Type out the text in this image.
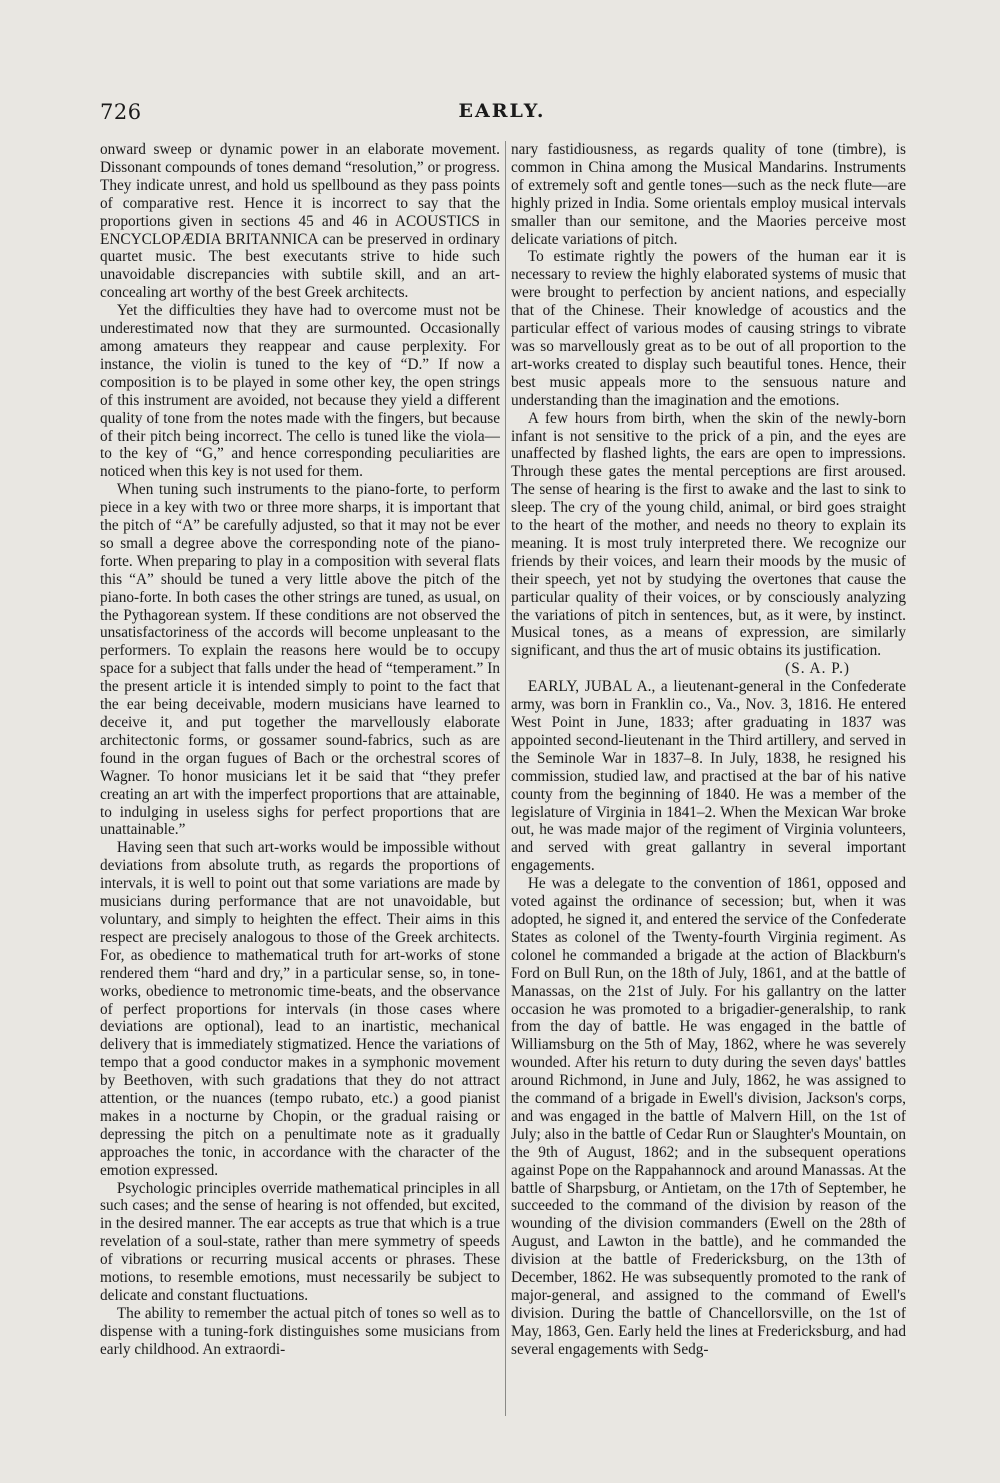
726	EARLY.

onward sweep or dynamic power in an elaborate movement. Dissonant compounds of tones demand “resolution,” or progress. They indicate unrest, and hold us spellbound as they pass points of comparative rest. Hence it is incorrect to say that the proportions given in sections 45 and 46 in ACOUSTICS in ENCYCLOPÆDIA BRITANNICA can be preserved in ordinary quartet music. The best executants strive to hide such unavoidable discrepancies with subtile skill, and an art-concealing art worthy of the best Greek architects.

Yet the difficulties they have had to overcome must not be underestimated now that they are surmounted. Occasionally among amateurs they reappear and cause perplexity. For instance, the violin is tuned to the key of “D.” If now a composition is to be played in some other key, the open strings of this instrument are avoided, not because they yield a different quality of tone from the notes made with the fingers, but because of their pitch being incorrect. The cello is tuned like the viola—to the key of “G,” and hence corresponding peculiarities are noticed when this key is not used for them.

When tuning such instruments to the piano-forte, to perform piece in a key with two or three more sharps, it is important that the pitch of “A” be carefully adjusted, so that it may not be ever so small a degree above the corresponding note of the piano-forte. When preparing to play in a composition with several flats this “A” should be tuned a very little above the pitch of the piano-forte. In both cases the other strings are tuned, as usual, on the Pythagorean system. If these conditions are not observed the unsatisfactoriness of the accords will become unpleasant to the performers. To explain the reasons here would be to occupy space for a subject that falls under the head of “temperament.” In the present article it is intended simply to point to the fact that the ear being deceivable, modern musicians have learned to deceive it, and put together the marvellously elaborate architectonic forms, or gossamer sound-fabrics, such as are found in the organ fugues of Bach or the orchestral scores of Wagner. To honor musicians let it be said that “they prefer creating an art with the imperfect proportions that are attainable, to indulging in useless sighs for perfect proportions that are unattainable.”

Having seen that such art-works would be impossible without deviations from absolute truth, as regards the proportions of intervals, it is well to point out that some variations are made by musicians during performance that are not unavoidable, but voluntary, and simply to heighten the effect. Their aims in this respect are precisely analogous to those of the Greek architects. For, as obedience to mathematical truth for art-works of stone rendered them “hard and dry,” in a particular sense, so, in tone-works, obedience to metronomic time-beats, and the observance of perfect proportions for intervals (in those cases where deviations are optional), lead to an inartistic, mechanical delivery that is immediately stigmatized. Hence the variations of tempo that a good conductor makes in a symphonic movement by Beethoven, with such gradations that they do not attract attention, or the nuances (tempo rubato, etc.) a good pianist makes in a nocturne by Chopin, or the gradual raising or depressing the pitch on a penultimate note as it gradually approaches the tonic, in accordance with the character of the emotion expressed.

Psychologic principles override mathematical principles in all such cases; and the sense of hearing is not offended, but excited, in the desired manner. The ear accepts as true that which is a true revelation of a soul-state, rather than mere symmetry of speeds of vibrations or recurring musical accents or phrases. These motions, to resemble emotions, must necessarily be subject to delicate and constant fluctuations.

The ability to remember the actual pitch of tones so well as to dispense with a tuning-fork distinguishes some musicians from early childhood. An extraordi-

nary fastidiousness, as regards quality of tone (timbre), is common in China among the Musical Mandarins. Instruments of extremely soft and gentle tones—such as the neck flute—are highly prized in India. Some orientals employ musical intervals smaller than our semitone, and the Maories perceive most delicate variations of pitch.

To estimate rightly the powers of the human ear it is necessary to review the highly elaborated systems of music that were brought to perfection by ancient nations, and especially that of the Chinese. Their knowledge of acoustics and the particular effect of various modes of causing strings to vibrate was so marvellously great as to be out of all proportion to the art-works created to display such beautiful tones. Hence, their best music appeals more to the sensuous nature and understanding than the imagination and the emotions.

A few hours from birth, when the skin of the newly-born infant is not sensitive to the prick of a pin, and the eyes are unaffected by flashed lights, the ears are open to impressions. Through these gates the mental perceptions are first aroused. The sense of hearing is the first to awake and the last to sink to sleep. The cry of the young child, animal, or bird goes straight to the heart of the mother, and needs no theory to explain its meaning. It is most truly interpreted there. We recognize our friends by their voices, and learn their moods by the music of their speech, yet not by studying the overtones that cause the particular quality of their voices, or by consciously analyzing the variations of pitch in sentences, but, as it were, by instinct. Musical tones, as a means of expression, are similarly significant, and thus the art of music obtains its justification.

(S. A. P.)

EARLY, JUBAL A., a lieutenant-general in the Confederate army, was born in Franklin co., Va., Nov. 3, 1816. He entered West Point in June, 1833; after graduating in 1837 was appointed second-lieutenant in the Third artillery, and served in the Seminole War in 1837–8. In July, 1838, he resigned his commission, studied law, and practised at the bar of his native county from the beginning of 1840. He was a member of the legislature of Virginia in 1841–2. When the Mexican War broke out, he was made major of the regiment of Virginia volunteers, and served with great gallantry in several important engagements.

He was a delegate to the convention of 1861, opposed and voted against the ordinance of secession; but, when it was adopted, he signed it, and entered the service of the Confederate States as colonel of the Twenty-fourth Virginia regiment. As colonel he commanded a brigade at the action of Blackburn's Ford on Bull Run, on the 18th of July, 1861, and at the battle of Manassas, on the 21st of July. For his gallantry on the latter occasion he was promoted to a brigadier-generalship, to rank from the day of battle. He was engaged in the battle of Williamsburg on the 5th of May, 1862, where he was severely wounded. After his return to duty during the seven days' battles around Richmond, in June and July, 1862, he was assigned to the command of a brigade in Ewell's division, Jackson's corps, and was engaged in the battle of Malvern Hill, on the 1st of July; also in the battle of Cedar Run or Slaughter's Mountain, on the 9th of August, 1862; and in the subsequent operations against Pope on the Rappahannock and around Manassas. At the battle of Sharpsburg, or Antietam, on the 17th of September, he succeeded to the command of the division by reason of the wounding of the division commanders (Ewell on the 28th of August, and Lawton in the battle), and he commanded the division at the battle of Fredericksburg, on the 13th of December, 1862. He was subsequently promoted to the rank of major-general, and assigned to the command of Ewell's division. During the battle of Chancellorsville, on the 1st of May, 1863, Gen. Early held the lines at Fredericksburg, and had several engagements with Sedg-
